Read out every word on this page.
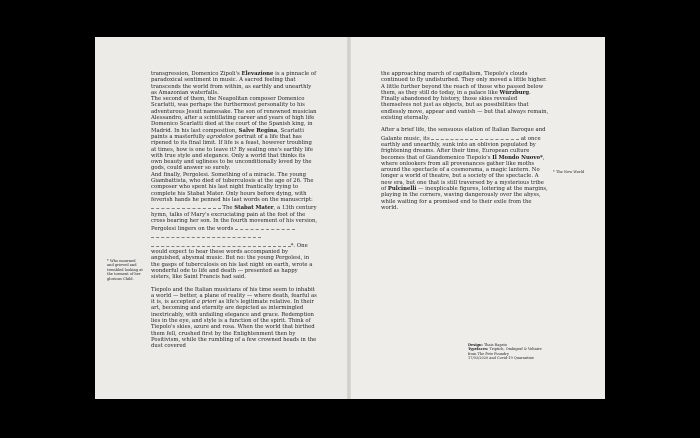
transgression, Domenico Zipoli's Elevazione is a pinnacle of paradoxical sentiment in music. A sacred feeling that transcends the world from within, as earthly and unearthly as Amazonian waterfalls.
The second of them, the Neapolitan composer Domenico Scarlatti, was perhaps the furthermost personality to his adventurous Jesuit namesake. The son of renowned musician Alessandro, after a scintillating career and years of high life Domenico Scarlatti died at the court of the Spanish king, in Madrid. In his last composition, Salve Regina, Scarlatti paints a masterfully agrodolce portrait of a life that has ripened to its final limit. If life is a feast, however troubling at times, how is one to leave it? By sealing one's earthly life with true style and elegance. Only a world that thinks its own beauty and ugliness to be unconditionally loved by the gods, could answer so surely.
And finally, Pergolesi. Something of a miracle. The young Giambattista, who died of tuberculosis at the age of 26. The composer who spent his last night frantically trying to complete his Stabat Mater. Only hours before dying, with feverish hands he penned his last words on the manuscript:   The Stabat Mater, a 13th century hymn, talks of Mary's excruciating pain at the foot of the cross bearing her son. In the fourth movement of his version, Pergolesi lingers on the words    *. One would expect to hear these words accompanied by anguished, abysmal music. But no: the young Pergolesi, in the gasps of tuberculosis on his last night on earth, wrote a wonderful ode to life and death — presented as happy sisters, like Saint Francis had said.

Tiepolo and the Italian musicians of his time seem to inhabit a world — better, a plane of reality — where death, fearful as it is, is accepted a priori as life's legitimate relative. In their art, becoming and eternity are depicted as intermingled inextricably, with unfailing elegance and grace. Redemption lies in the eye, and style is a function of the spirit. Think of Tiepolo's skies, azure and rosa. When the world that birthed them fell, crushed first by the Enlightenment then by Positivism, while the rumbling of a few crowned heads in the dust covered

* Who mourned and grieved and trembled looking at the torment of her glorious Child.

the approaching march of capitalism, Tiepolo's clouds continued to fly undisturbed. They only moved a little higher. A little further beyond the reach of those who passed below them, as they still do today, in a palace like Würzburg. Finally abandoned by history, those skies revealed themselves not just as objects, but as possibilities that endlessly move, appear and vanish — but that always remain, existing eternally.

After a brief life, the sensuous elation of Italian Baroque and Galante music, its	at once earthly and unearthly, sunk into an oblivion populated by frightening dreams. After their time, European culture becomes that of Giandomenico Tiepolo's Il Mondo Nuovo*, where onlookers from all provenances gather like moths around the spectacle of a cosmorama, a magic lantern. No longer a world of theatre, but a society of the spectacle. A new era, but one that is still traversed by a mysterious tribe of Pulcinelli — inexplicable figures, loitering at the margins, playing in the corners, waving dangerously over the abyss, while waiting for a promised end to their exile from the world.

* The New World
Design: Thais Rapsto
Typefaces: Triptich, Ombigraf & Voltaire from The Pete Foundry
17/03/2020 and Covid-19 Quarantine
